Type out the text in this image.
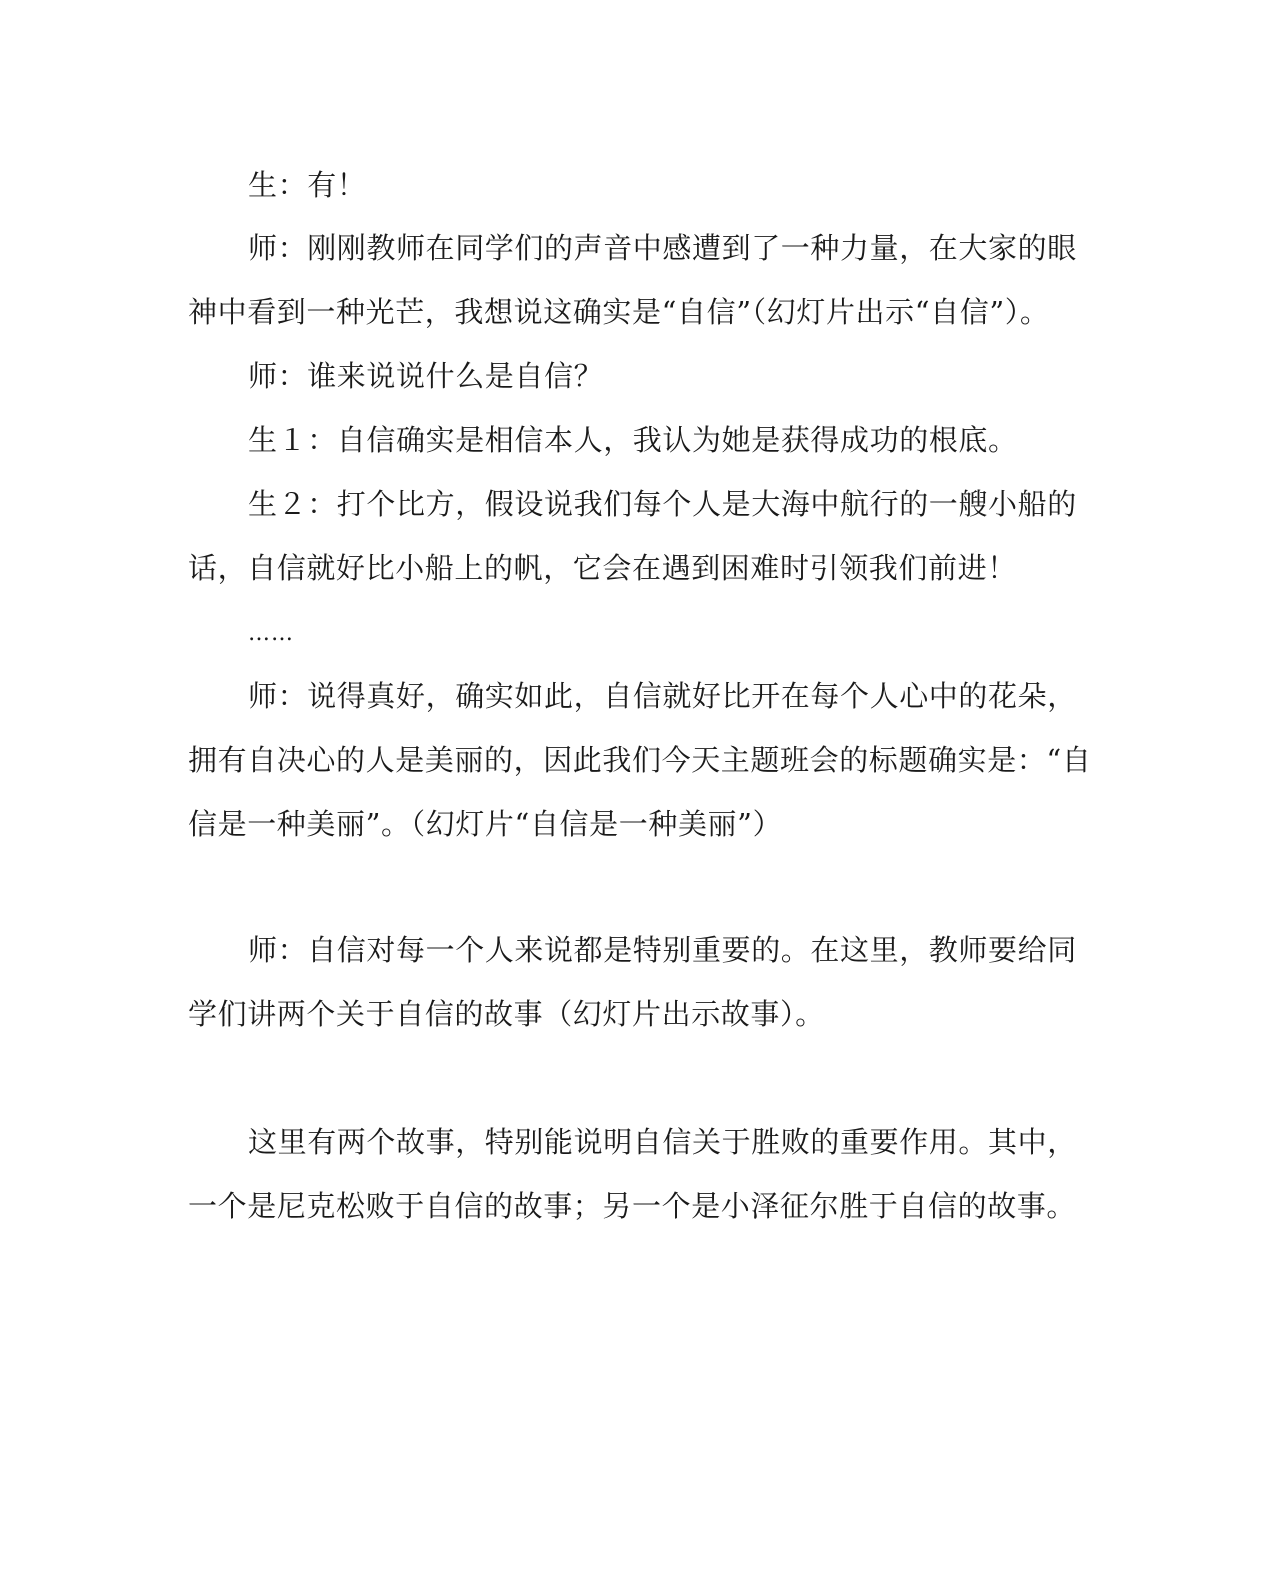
生：有！
师：刚刚教师在同学们的声音中感遭到了一种力量，在大家的眼
神中看到一种光芒，我想说这确实是“自信”（幻灯片出示“自信”）。
师：谁来说说什么是自信？
生１：自信确实是相信本人，我认为她是获得成功的根底。
生２：打个比方，假设说我们每个人是大海中航行的一艘小船的
话，自信就好比小船上的帆，它会在遇到困难时引领我们前进！
……
师：说得真好，确实如此，自信就好比开在每个人心中的花朵，
拥有自决心的人是美丽的，因此我们今天主题班会的标题确实是：“自
信是一种美丽”。（幻灯片“自信是一种美丽”）
师：自信对每一个人来说都是特别重要的。在这里，教师要给同
学们讲两个关于自信的故事（幻灯片出示故事）。
这里有两个故事，特别能说明自信关于胜败的重要作用。其中，
一个是尼克松败于自信的故事；另一个是小泽征尔胜于自信的故事。
